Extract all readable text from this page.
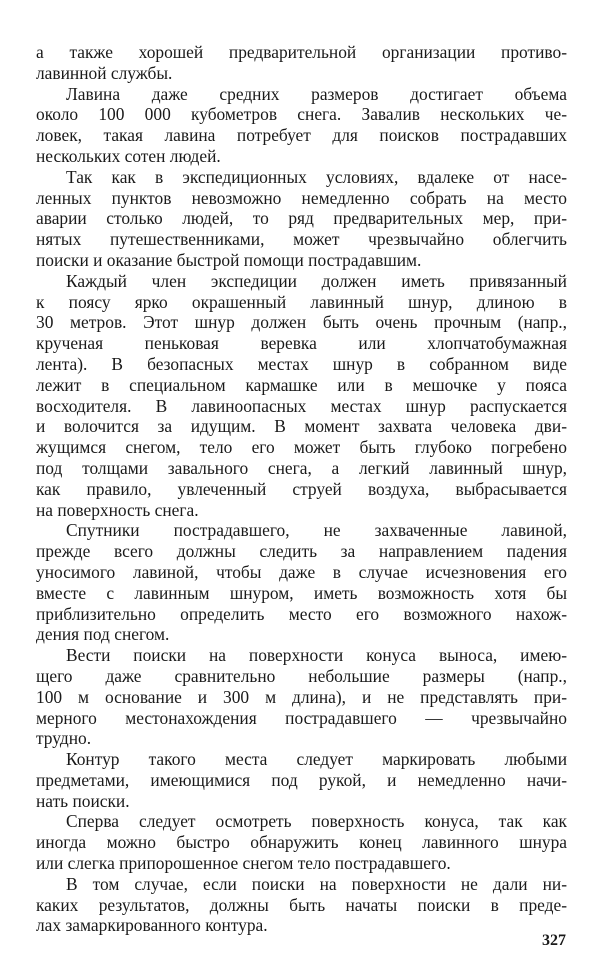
а также хорошей предварительной организации противо-
лавинной службы.
Лавина даже средних размеров достигает объема
около 100 000 кубометров снега. Завалив нескольких че-
ловек, такая лавина потребует для поисков пострадавших
нескольких сотен людей.
Так как в экспедиционных условиях, вдалеке от насе-
ленных пунктов невозможно немедленно собрать на место
аварии столько людей, то ряд предварительных мер, при-
нятых путешественниками, может чрезвычайно облегчить
поиски и оказание быстрой помощи пострадавшим.
Каждый член экспедиции должен иметь привязанный
к поясу ярко окрашенный лавинный шнур, длиною в
30 метров. Этот шнур должен быть очень прочным (напр.,
крученая пеньковая веревка или хлопчатобумажная
лента). В безопасных местах шнур в собранном виде
лежит в специальном кармашке или в мешочке у пояса
восходителя. В лавиноопасных местах шнур распускается
и волочится за идущим. В момент захвата человека дви-
жущимся снегом, тело его может быть глубоко погребено
под толщами завального снега, а легкий лавинный шнур,
как правило, увлеченный струей воздуха, выбрасывается
на поверхность снега.
Спутники пострадавшего, не захваченные лавиной,
прежде всего должны следить за направлением падения
уносимого лавиной, чтобы даже в случае исчезновения его
вместе с лавинным шнуром, иметь возможность хотя бы
приблизительно определить место его возможного нахож-
дения под снегом.
Вести поиски на поверхности конуса выноса, имею-
щего даже сравнительно небольшие размеры (напр.,
100 м основание и 300 м длина), и не представлять при-
мерного местонахождения пострадавшего — чрезвычайно
трудно.
Контур такого места следует маркировать любыми
предметами, имеющимися под рукой, и немедленно начи-
нать поиски.
Сперва следует осмотреть поверхность конуса, так как
иногда можно быстро обнаружить конец лавинного шнура
или слегка припорошенное снегом тело пострадавшего.
В том случае, если поиски на поверхности не дали ни-
каких результатов, должны быть начаты поиски в преде-
лах замаркированного контура.
327
